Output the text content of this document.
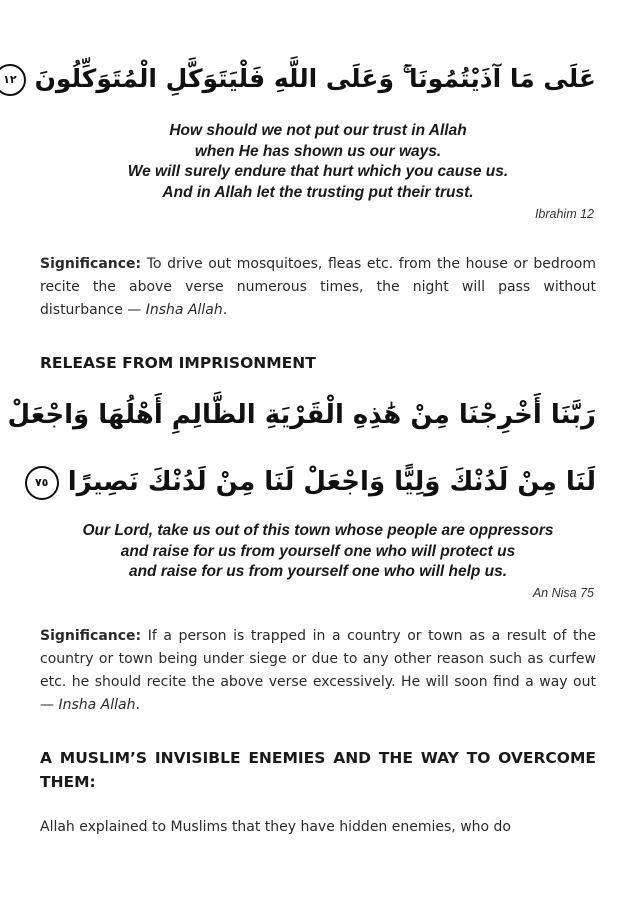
عَلَى مَا آذَيْتُمُونَا ۚ وَعَلَى اللَّهِ فَلْيَتَوَكَّلِ الْمُتَوَكِّلُونَ ١٢
How should we not put our trust in Allah
when He has shown us our ways.
We will surely endure that hurt which you cause us.
And in Allah let the trusting put their trust.
Ibrahim 12
Significance: To drive out mosquitoes, fleas etc. from the house or bedroom recite the above verse numerous times, the night will pass without disturbance — Insha Allah.
RELEASE FROM IMPRISONMENT
رَبَّنَا أَخْرِجْنَا مِنْ هَٰذِهِ الْقَرْيَةِ الظَّالِمِ أَهْلُهَا وَاجْعَلْ
لَنَا مِنْ لَدُنْكَ وَلِيًّا وَاجْعَلْ لَنَا مِنْ لَدُنْكَ نَصِيرًا ٧٥
Our Lord, take us out of this town whose people are oppressors
and raise for us from yourself one who will protect us
and raise for us from yourself one who will help us.
An Nisa 75
Significance: If a person is trapped in a country or town as a result of the country or town being under siege or due to any other reason such as curfew etc. he should recite the above verse excessively. He will soon find a way out — Insha Allah.
A MUSLIM’S INVISIBLE ENEMIES AND THE WAY TO OVERCOME THEM:
Allah explained to Muslims that they have hidden enemies, who do
